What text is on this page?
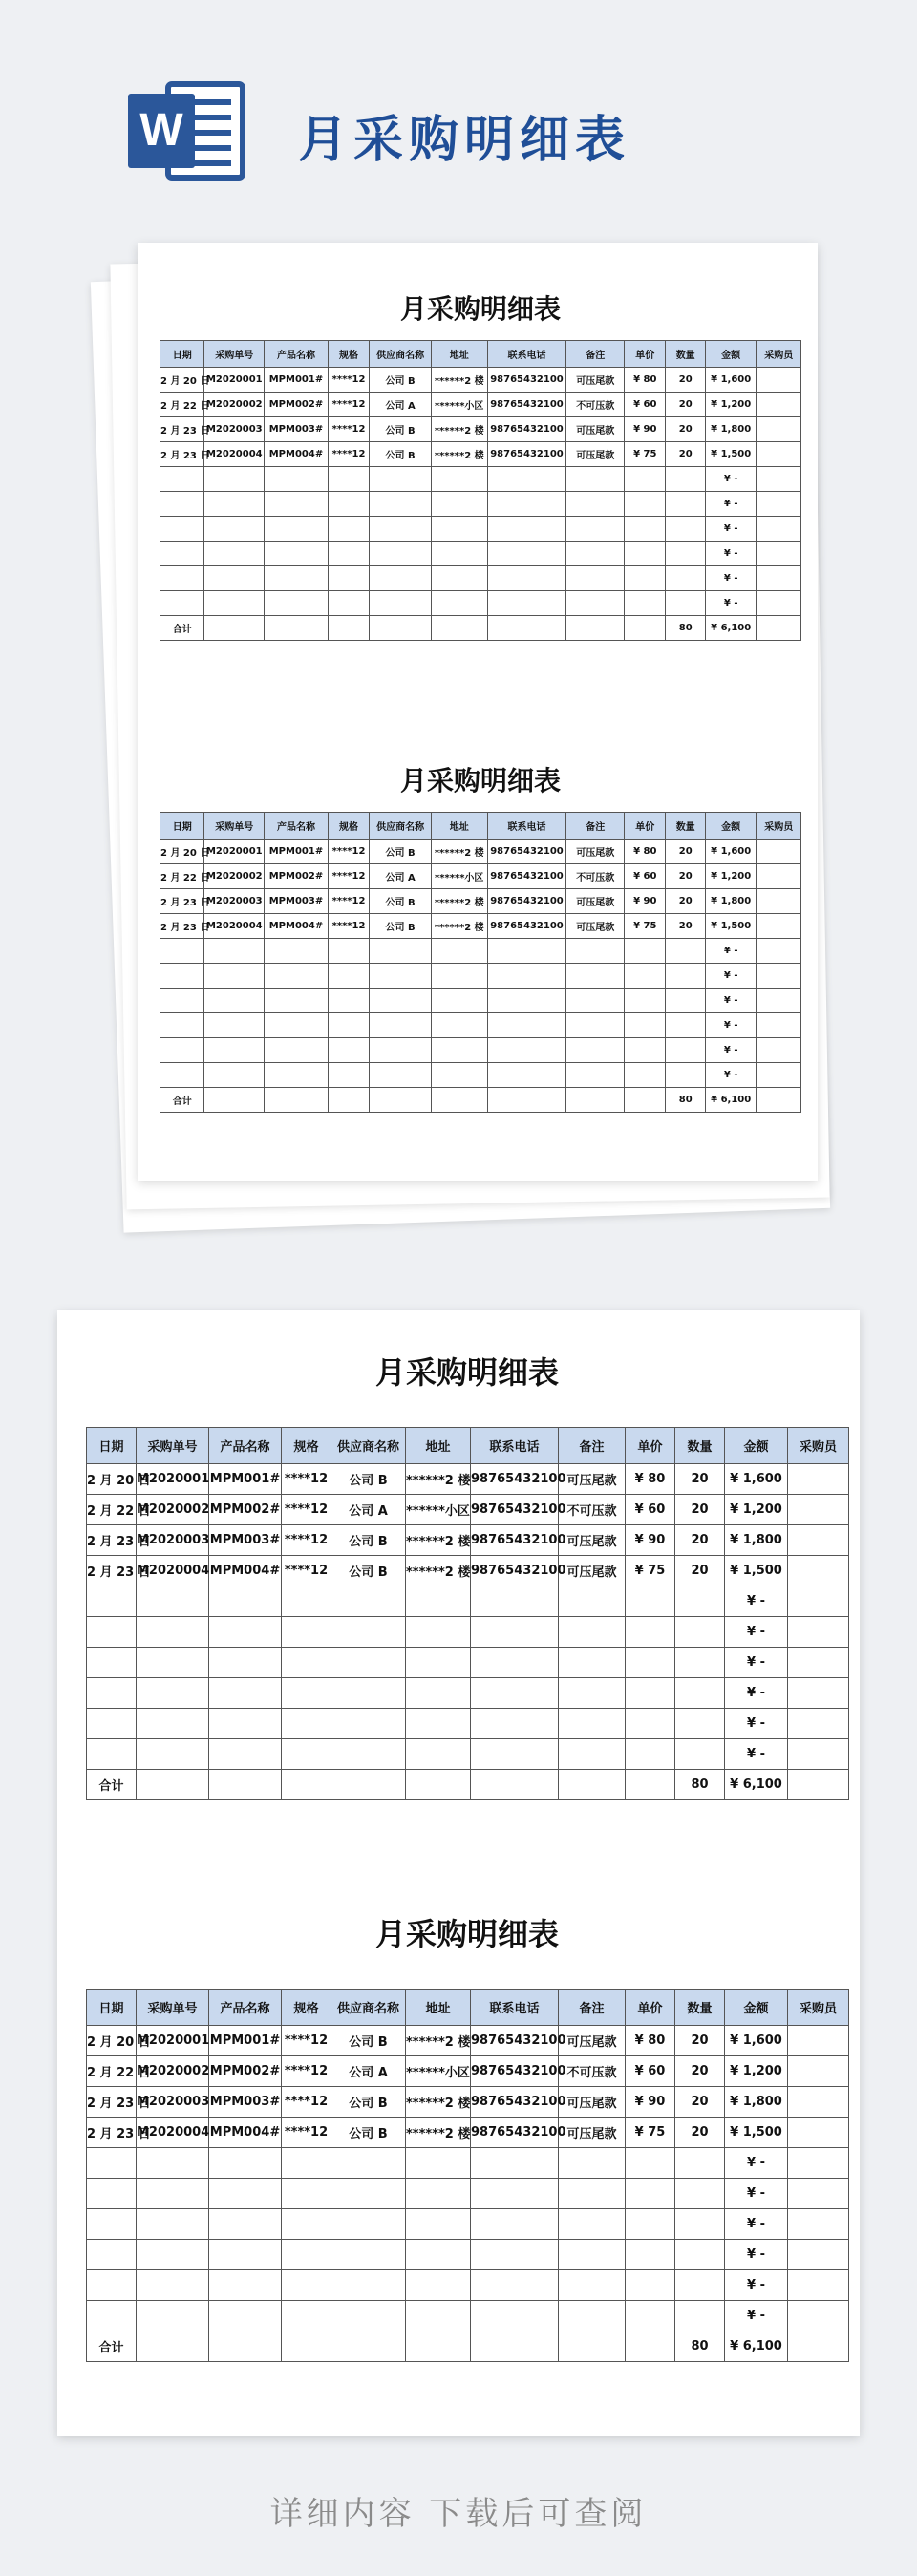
W 月采购明细表
月采购明细表
日期	采购单号	产品名称	规格	供应商名称	地址	联系电话	备注	单价	数量	金额	采购员
2 月 20 日	M2020001	MPM001#	****12	公司 B	******2 楼	98765432100	可压尾款	¥ 80	20	¥ 1,600	
2 月 22 日	M2020002	MPM002#	****12	公司 A	******小区	98765432100	不可压款	¥ 60	20	¥ 1,200	
2 月 23 日	M2020003	MPM003#	****12	公司 B	******2 楼	98765432100	可压尾款	¥ 90	20	¥ 1,800	
2 月 23 日	M2020004	MPM004#	****12	公司 B	******2 楼	98765432100	可压尾款	¥ 75	20	¥ 1,500	
										¥ -	
										¥ -	
										¥ -	
										¥ -	
										¥ -	
										¥ -	
合计									80	¥ 6,100	
月采购明细表
日期	采购单号	产品名称	规格	供应商名称	地址	联系电话	备注	单价	数量	金额	采购员
2 月 20 日	M2020001	MPM001#	****12	公司 B	******2 楼	98765432100	可压尾款	¥ 80	20	¥ 1,600	
2 月 22 日	M2020002	MPM002#	****12	公司 A	******小区	98765432100	不可压款	¥ 60	20	¥ 1,200	
2 月 23 日	M2020003	MPM003#	****12	公司 B	******2 楼	98765432100	可压尾款	¥ 90	20	¥ 1,800	
2 月 23 日	M2020004	MPM004#	****12	公司 B	******2 楼	98765432100	可压尾款	¥ 75	20	¥ 1,500	
										¥ -	
										¥ -	
										¥ -	
										¥ -	
										¥ -	
										¥ -	
合计									80	¥ 6,100	
月采购明细表
日期	采购单号	产品名称	规格	供应商名称	地址	联系电话	备注	单价	数量	金额	采购员
2 月 20 日	M2020001	MPM001#	****12	公司 B	******2 楼	98765432100	可压尾款	¥ 80	20	¥ 1,600	
2 月 22 日	M2020002	MPM002#	****12	公司 A	******小区	98765432100	不可压款	¥ 60	20	¥ 1,200	
2 月 23 日	M2020003	MPM003#	****12	公司 B	******2 楼	98765432100	可压尾款	¥ 90	20	¥ 1,800	
2 月 23 日	M2020004	MPM004#	****12	公司 B	******2 楼	98765432100	可压尾款	¥ 75	20	¥ 1,500	
										¥ -	
										¥ -	
										¥ -	
										¥ -	
										¥ -	
										¥ -	
合计									80	¥ 6,100	
月采购明细表
日期	采购单号	产品名称	规格	供应商名称	地址	联系电话	备注	单价	数量	金额	采购员
2 月 20 日	M2020001	MPM001#	****12	公司 B	******2 楼	98765432100	可压尾款	¥ 80	20	¥ 1,600	
2 月 22 日	M2020002	MPM002#	****12	公司 A	******小区	98765432100	不可压款	¥ 60	20	¥ 1,200	
2 月 23 日	M2020003	MPM003#	****12	公司 B	******2 楼	98765432100	可压尾款	¥ 90	20	¥ 1,800	
2 月 23 日	M2020004	MPM004#	****12	公司 B	******2 楼	98765432100	可压尾款	¥ 75	20	¥ 1,500	
										¥ -	
										¥ -	
										¥ -	
										¥ -	
										¥ -	
										¥ -	
合计									80	¥ 6,100	
详细内容 下载后可查阅
